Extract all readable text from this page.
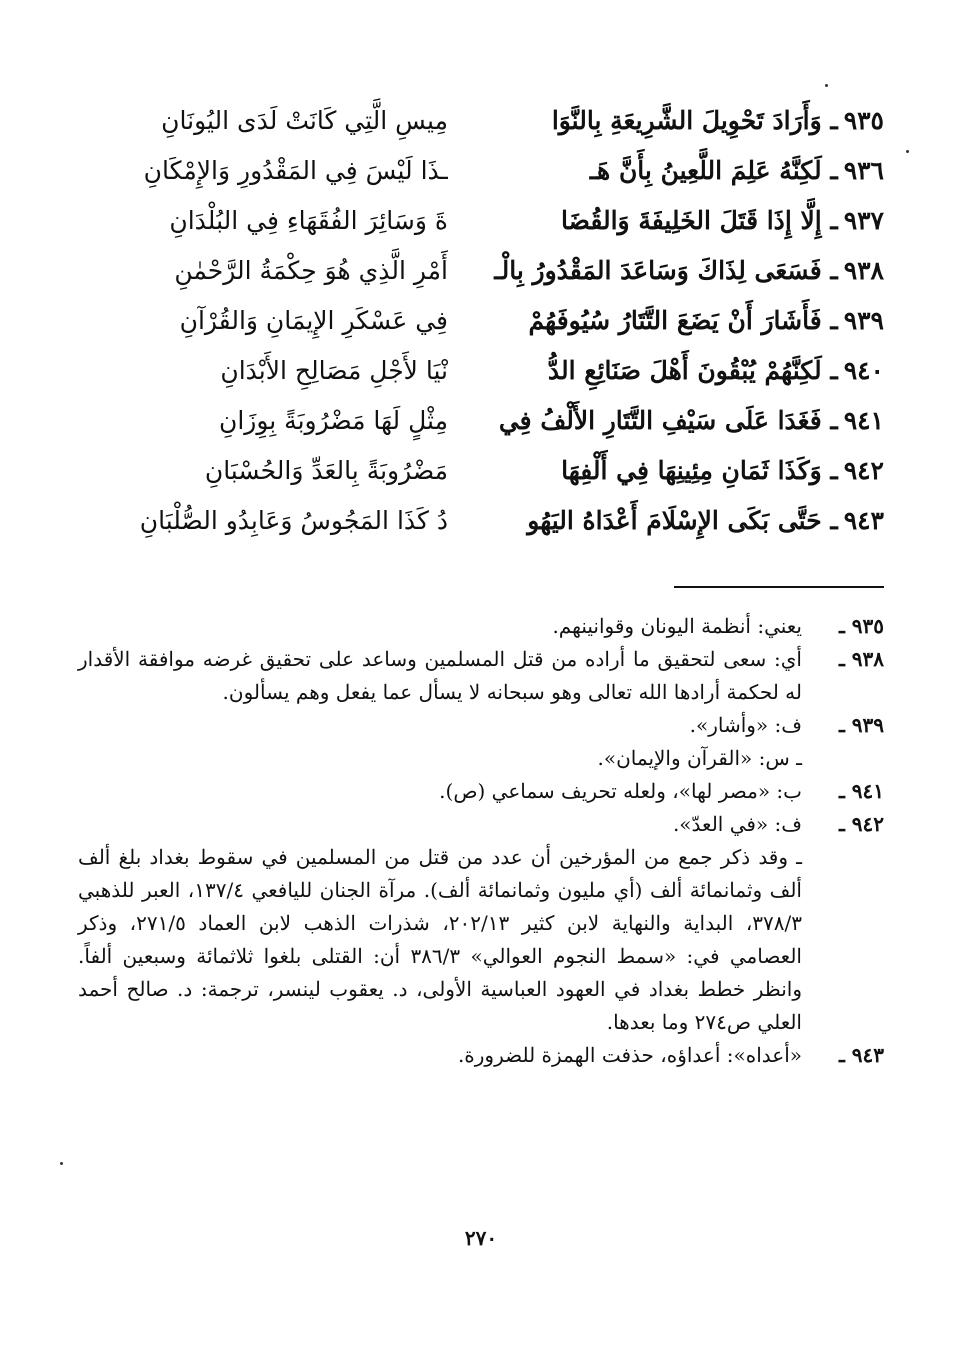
٩٣٥ـ وَأَرَادَ تَحْوِيلَ الشَّرِيعَةِ بِالنَّوَا
مِيسِ الَّتِي كَانَتْ لَدَى اليُونَانِ
٩٣٦ـ لَكِنَّهُ عَلِمَ اللَّعِينُ بِأَنَّ هَـ
ـذَا لَيْسَ فِي المَقْدُورِ وَالإِمْكَانِ
٩٣٧ـ إِلَّا إِذَا قَتَلَ الخَلِيفَةَ وَالقُضَا
ةَ وَسَائِرَ الفُقَهَاءِ فِي البُلْدَانِ
٩٣٨ـ فَسَعَى لِذَاكَ وَسَاعَدَ المَقْدُورُ بِالْـ
أَمْرِ الَّذِي هُوَ حِكْمَةُ الرَّحْمٰنِ
٩٣٩ـ فَأَشَارَ أَنْ يَضَعَ التَّتَارُ سُيُوفَهُمْ
فِي عَسْكَرِ الإِيمَانِ وَالقُرْآنِ
٩٤٠ـ لَكِنَّهُمْ يُبْقُونَ أَهْلَ صَنَائِعِ الدُّ
نْيَا لأَجْلِ مَصَالِحِ الأَبْدَانِ
٩٤١ـ فَغَدَا عَلَى سَيْفِ التَّتَارِ الأَلْفُ فِي
مِثْلٍ لَهَا مَضْرُوبَةً بِوِزَانِ
٩٤٢ـ وَكَذَا ثَمَانِ مِئِينِهَا فِي أَلْفِهَا
مَضْرُوبَةً بِالعَدِّ وَالحُسْبَانِ
٩٤٣ـ حَتَّى بَكَى الإِسْلَامَ أَعْدَاهُ اليَهُو
دُ كَذَا المَجُوسُ وَعَابِدُو الصُّلْبَانِ
٩٣٥ ـ
يعني: أنظمة اليونان وقوانينهم.
٩٣٨ ـ
أي: سعى لتحقيق ما أراده من قتل المسلمين وساعد على تحقيق غرضه موافقة الأقدار له لحكمة أرادها الله تعالى وهو سبحانه لا يسأل عما يفعل وهم يسألون.
٩٣٩ ـ
ف: «وأشار».
ـ س: «القرآن والإيمان».
٩٤١ ـ
ب: «مصر لها»، ولعله تحريف سماعي (ص).
٩٤٢ ـ
ف: «في العدّ».
ـ وقد ذكر جمع من المؤرخين أن عدد من قتل من المسلمين في سقوط بغداد بلغ ألف ألف وثمانمائة ألف (أي مليون وثمانمائة ألف). مرآة الجنان لليافعي ١٣٧/٤، العبر للذهبي ٣٧٨/٣، البداية والنهاية لابن كثير ٢٠٢/١٣، شذرات الذهب لابن العماد ٢٧١/٥، وذكر العصامي في: «سمط النجوم العوالي» ٣٨٦/٣ أن: القتلى بلغوا ثلاثمائة وسبعين ألفاً. وانظر خطط بغداد في العهود العباسية الأولى، د. يعقوب لينسر، ترجمة: د. صالح أحمد العلي ص٢٧٤ وما بعدها.
٩٤٣ ـ
«أعداه»: أعداؤه، حذفت الهمزة للضرورة.
٢٧٠
